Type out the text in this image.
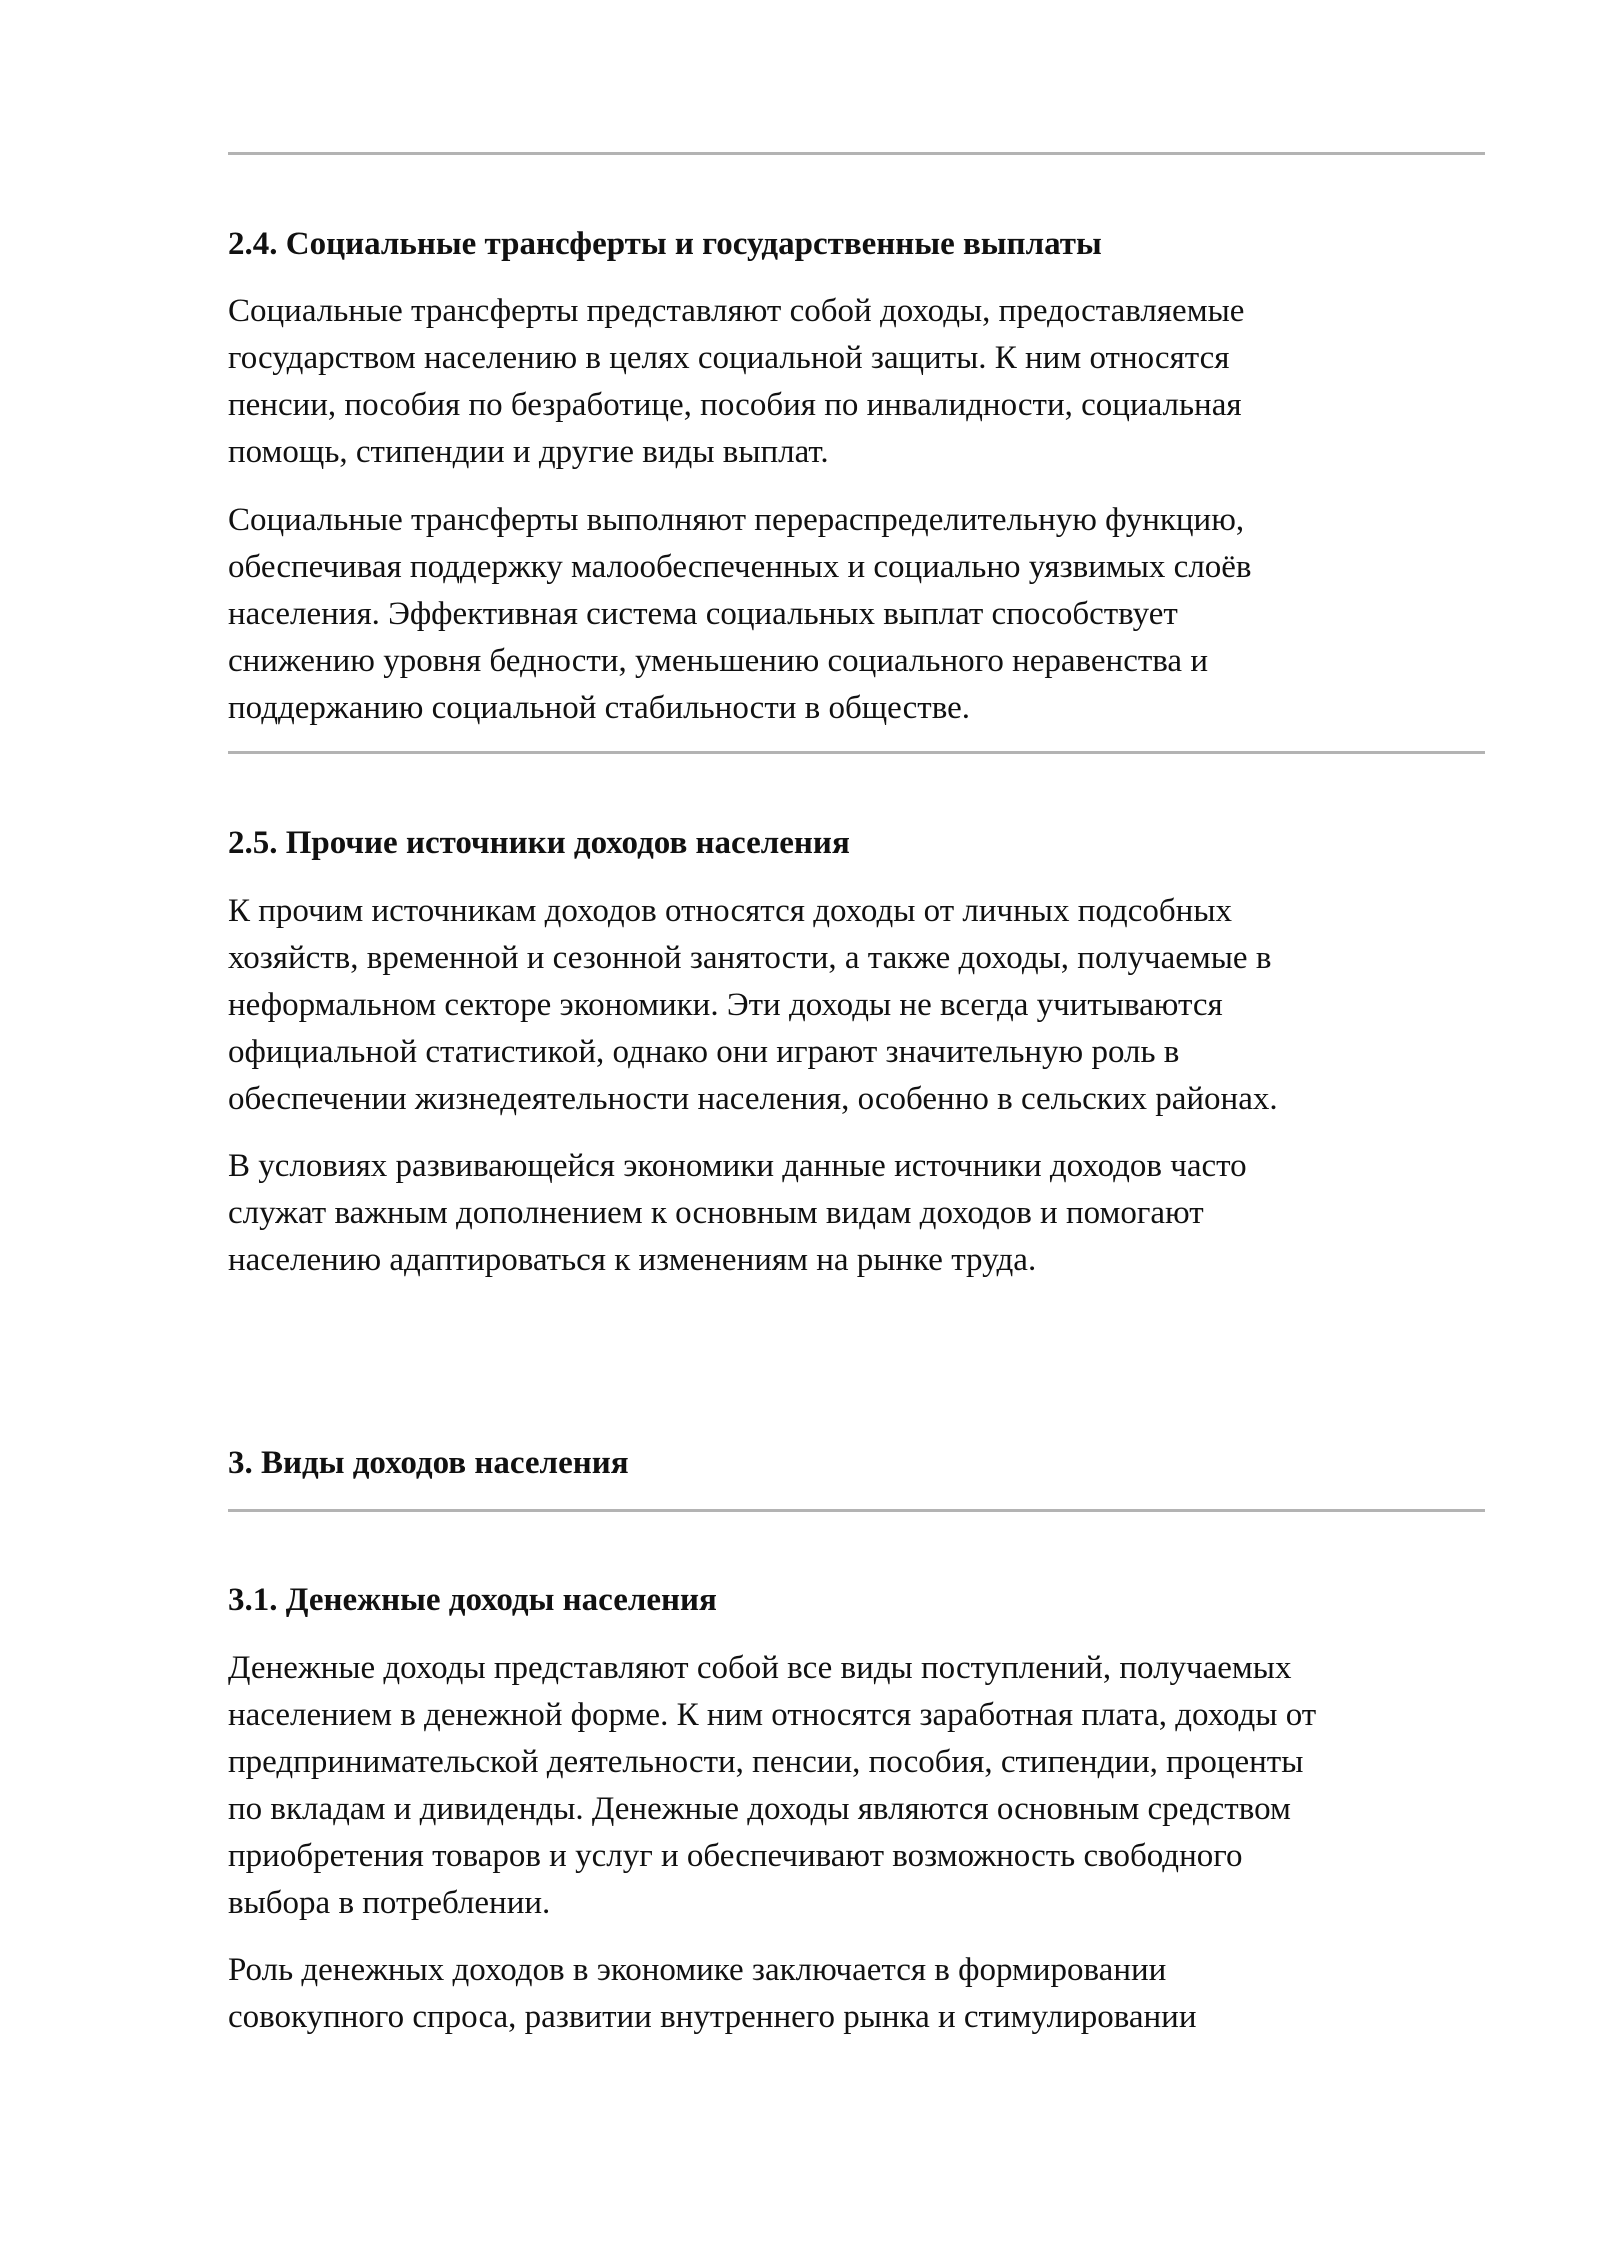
2.4. Социальные трансферты и государственные выплаты

Социальные трансферты представляют собой доходы, предоставляемые
государством населению в целях социальной защиты. К ним относятся
пенсии, пособия по безработице, пособия по инвалидности, социальная
помощь, стипендии и другие виды выплат.

Социальные трансферты выполняют перераспределительную функцию,
обеспечивая поддержку малообеспеченных и социально уязвимых слоёв
населения. Эффективная система социальных выплат способствует
снижению уровня бедности, уменьшению социального неравенства и
поддержанию социальной стабильности в обществе.

2.5. Прочие источники доходов населения

К прочим источникам доходов относятся доходы от личных подсобных
хозяйств, временной и сезонной занятости, а также доходы, получаемые в
неформальном секторе экономики. Эти доходы не всегда учитываются
официальной статистикой, однако они играют значительную роль в
обеспечении жизнедеятельности населения, особенно в сельских районах.

В условиях развивающейся экономики данные источники доходов часто
служат важным дополнением к основным видам доходов и помогают
населению адаптироваться к изменениям на рынке труда.

3. Виды доходов населения
3.1. Денежные доходы населения

Денежные доходы представляют собой все виды поступлений, получаемых
населением в денежной форме. К ним относятся заработная плата, доходы от
предпринимательской деятельности, пенсии, пособия, стипендии, проценты
по вкладам и дивиденды. Денежные доходы являются основным средством
приобретения товаров и услуг и обеспечивают возможность свободного
выбора в потреблении.

Роль денежных доходов в экономике заключается в формировании
совокупного спроса, развитии внутреннего рынка и стимулировании
